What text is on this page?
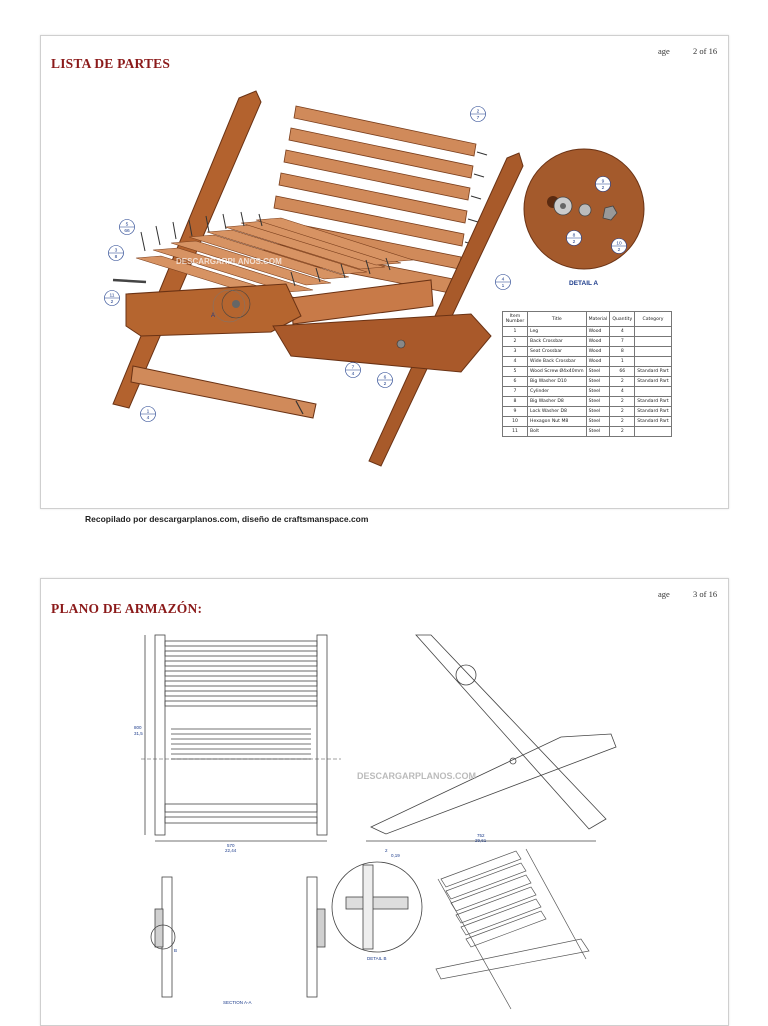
LISTA DE PARTES
age	2 of 16
DETAIL A
A
DESCARGARPLANOS.COM
2
7
5
66
3
8
11
2
4
1
7
4
6
2
1
4
9
2
8
2	10
2
Item Number	Title	Material	Quantity	Category
1	Leg	Wood	4	
2	Back Crossbar	Wood	7	
3	Seat Crossbar	Wood	8	
4	Wide Back Crossbar	Wood	1	
5	Wood Screw Ø4x40mm	Steel	66	Standard Part
6	Big Washer D10	Steel	2	Standard Part
7	Cylinder	Steel	4	
8	Big Washer D8	Steel	2	Standard Part
9	Lock Washer D8	Steel	2	Standard Part
10	Hexagon Nut M8	Steel	2	Standard Part
11	Bolt	Steel	2	
Recopilado por descargarplanos.com, diseño de craftsmanspace.com
PLANO DE ARMAZÓN:
age	3 of 16
DESCARGARPLANOS.COM
570
22,44
800
31,5
752
29,61
SECTION A-A
B
DETAIL B
2
0,19
